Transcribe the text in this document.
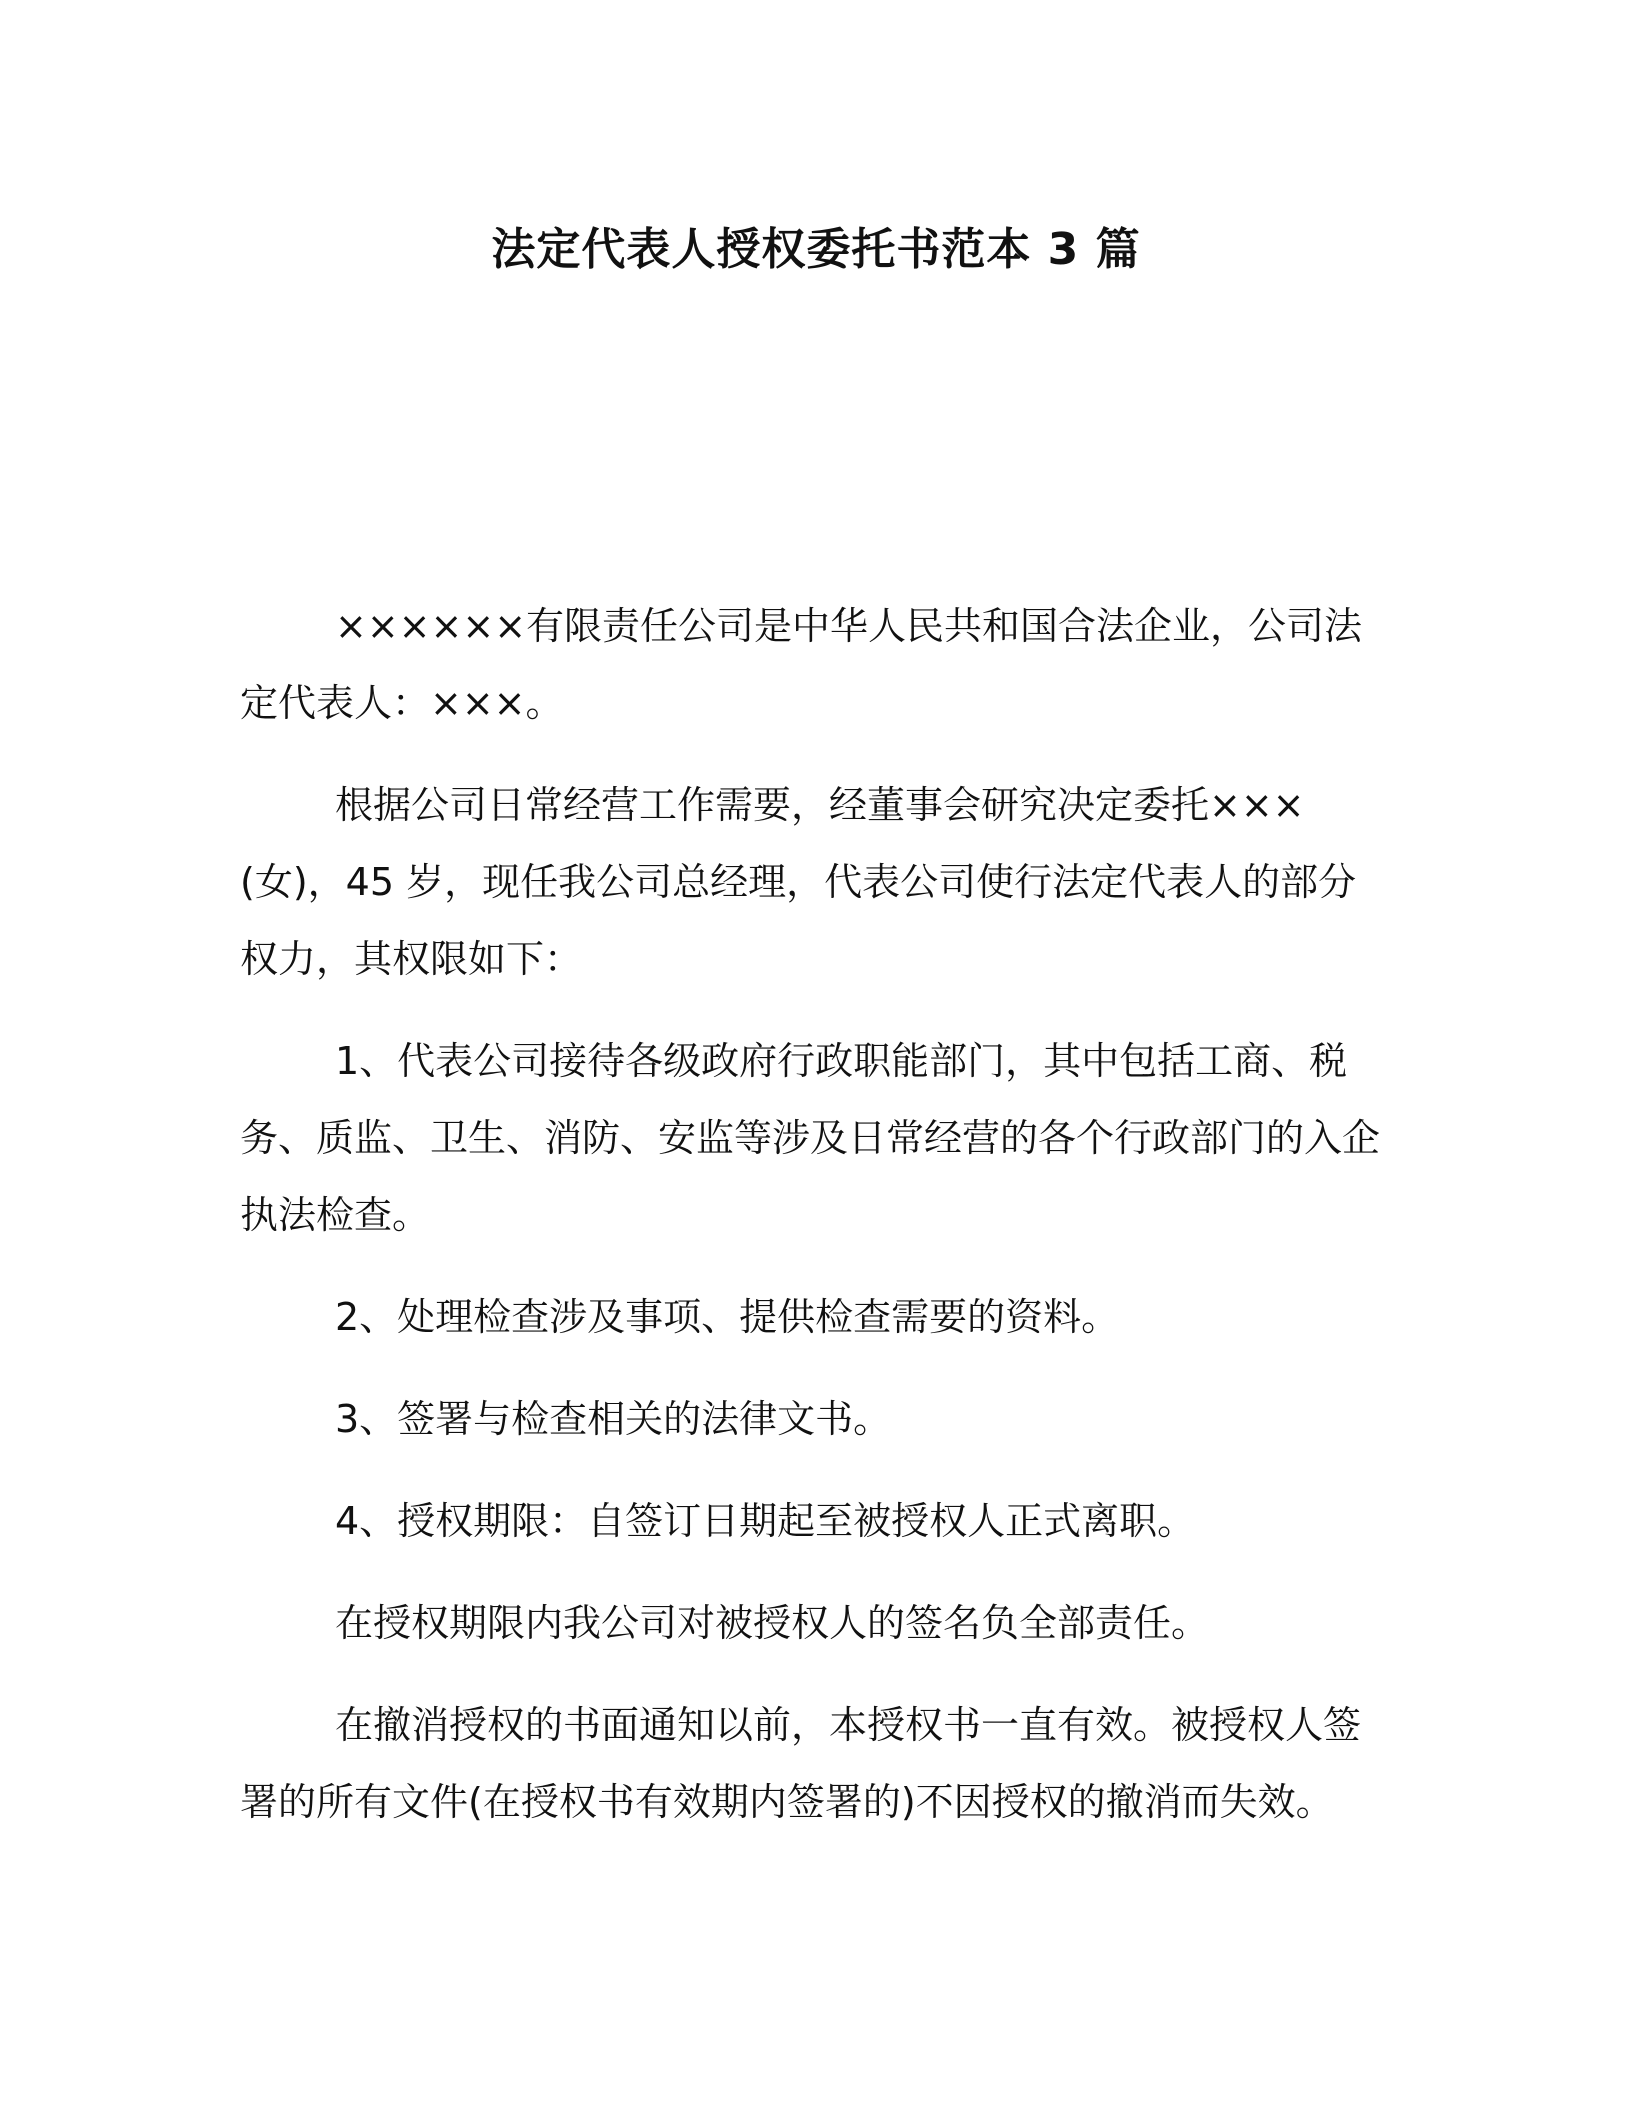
法定代表人授权委托书范本 3 篇

××××××有限责任公司是中华人民共和国合法企业，公司法定代表人：×××。

根据公司日常经营工作需要，经董事会研究决定委托×××(女)，45 岁，现任我公司总经理，代表公司使行法定代表人的部分权力，其权限如下：

1、代表公司接待各级政府行政职能部门，其中包括工商、税务、质监、卫生、消防、安监等涉及日常经营的各个行政部门的入企执法检查。

2、处理检查涉及事项、提供检查需要的资料。

3、签署与检查相关的法律文书。

4、授权期限：自签订日期起至被授权人正式离职。

在授权期限内我公司对被授权人的签名负全部责任。

在撤消授权的书面通知以前，本授权书一直有效。被授权人签署的所有文件(在授权书有效期内签署的)不因授权的撤消而失效。
